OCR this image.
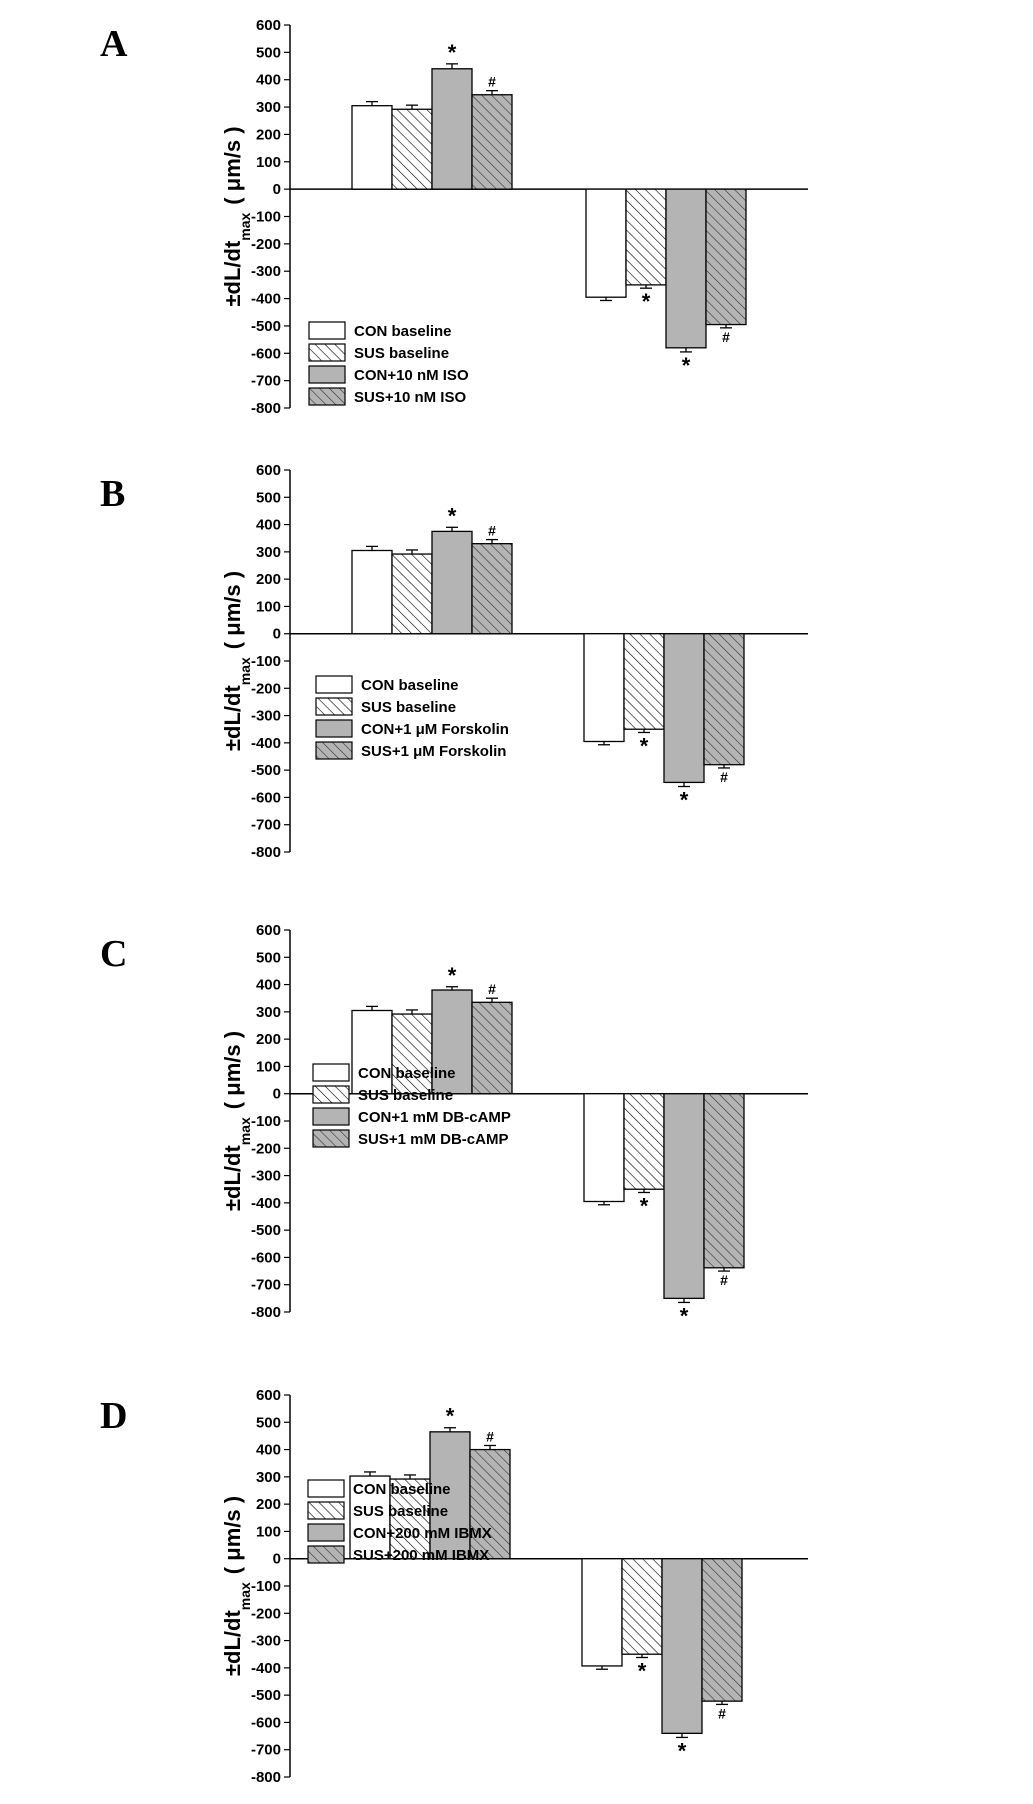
A	600
500
400
300
200
100
0
-100
-200
-300
-400
-500
-600
-700
-800
$\pm dL/dt_{max}$( μm/s )
*
*
*
#
#
CON baseline
SUS baseline
CON+10 nM ISO
SUS+10 nM ISO
B
600
500
400
300
200
100
0
-100
-200
-300
-400
-500
-600
-700
-800
$\pm dL/dt_{max}$( μm/s )
*
*
*
#
#
CON baseline
SUS baseline
CON+1 μM Forskolin
SUS+1 μM Forskolin
C
600
500
400
300
200
100
0
-100
-200
-300
-400
-500
-600
-700
-800
$\pm dL/dt_{max}$( μm/s )
*
*
*
#
#
CON baseline
SUS baseline
CON+1 mM DB-cAMP
SUS+1 mM DB-cAMP
D	600
500
400
300
200
100
0
-100
-200
-300
-400
-500
-600
-700
-800
$\pm dL/dt_{max}$( μm/s )
*
*
*
#
#
CON baseline
SUS baseline
CON+200 mM IBMX
SUS+200 mM IBMX
